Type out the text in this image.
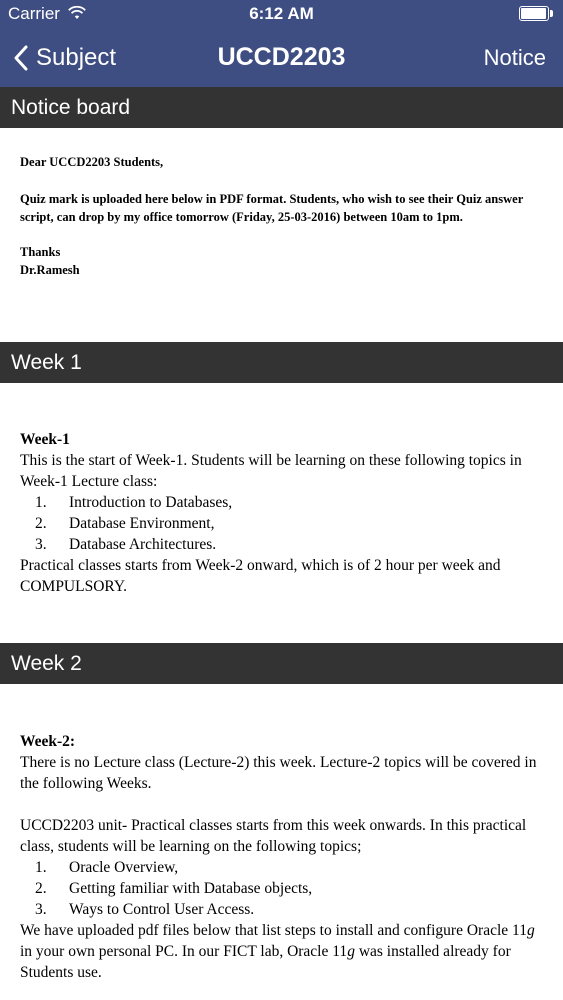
Carrier	6:12 AM
Subject	UCCD2203	Notice
Notice board

Dear UCCD2203 Students,

Quiz mark is uploaded here below in PDF format. Students, who wish to see their Quiz answer script, can drop by my office tomorrow (Friday, 25-03-2016) between 10am to 1pm.

Thanks

Dr.Ramesh

Week 1

Week-1

This is the start of Week-1. Students will be learning on these following topics in Week-1 Lecture class:

1. Introduction to Databases,
2. Database Environment,
3. Database Architectures.

Practical classes starts from Week-2 onward, which is of 2 hour per week and COMPULSORY.

Week 2

Week-2:

There is no Lecture class (Lecture-2) this week. Lecture-2 topics will be covered in the following Weeks.

UCCD2203 unit- Practical classes starts from this week onwards. In this practical class, students will be learning on the following topics;

1. Oracle Overview,
2. Getting familiar with Database objects,
3. Ways to Control User Access.

We have uploaded pdf files below that list steps to install and configure Oracle 11g in your own personal PC. In our FICT lab, Oracle 11g was installed already for Students use.
